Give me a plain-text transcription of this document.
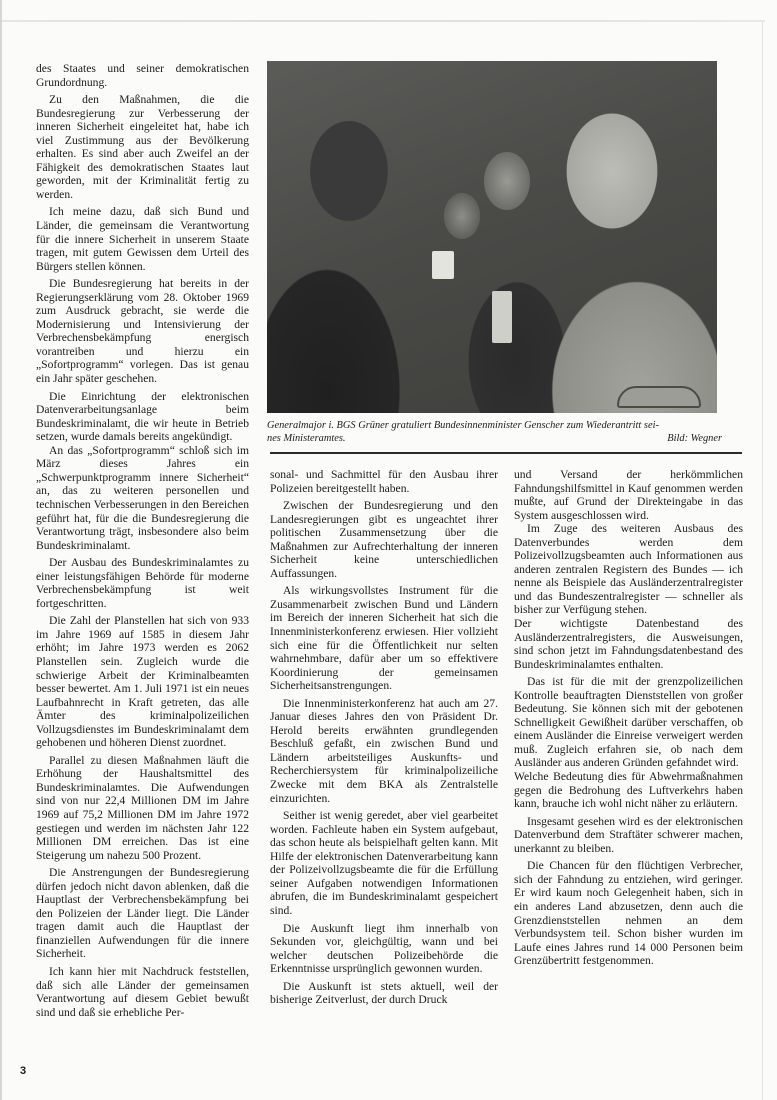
des Staates und seiner demokratischen Grundordnung.

Zu den Maßnahmen, die die Bundesregierung zur Verbesserung der inneren Sicherheit eingeleitet hat, habe ich viel Zustimmung aus der Bevölkerung erhalten. Es sind aber auch Zweifel an der Fähigkeit des demokratischen Staates laut geworden, mit der Kriminalität fertig zu werden.

Ich meine dazu, daß sich Bund und Länder, die gemeinsam die Verantwortung für die innere Sicherheit in unserem Staate tragen, mit gutem Gewissen dem Urteil des Bürgers stellen können.

Die Bundesregierung hat bereits in der Regierungserklärung vom 28. Oktober 1969 zum Ausdruck gebracht, sie werde die Modernisierung und Intensivierung der Verbrechensbekämpfung energisch vorantreiben und hierzu ein „Sofortprogramm“ vorlegen. Das ist genau ein Jahr später geschehen.

Die Einrichtung der elektronischen Datenverarbeitungsanlage beim Bundeskriminalamt, die wir heute in Betrieb setzen, wurde damals bereits angekündigt.

An das „Sofortprogramm“ schloß sich im März dieses Jahres ein „Schwerpunktprogramm innere Sicherheit“ an, das zu weiteren personellen und technischen Verbesserungen in den Bereichen geführt hat, für die die Bundesregierung die Verantwortung trägt, insbesondere also beim Bundeskriminalamt.

Der Ausbau des Bundeskriminalamtes zu einer leistungsfähigen Behörde für moderne Verbrechensbekämpfung ist weit fortgeschritten.

Die Zahl der Planstellen hat sich von 933 im Jahre 1969 auf 1585 in diesem Jahr erhöht; im Jahre 1973 werden es 2062 Planstellen sein. Zugleich wurde die schwierige Arbeit der Kriminalbeamten besser bewertet. Am 1. Juli 1971 ist ein neues Laufbahnrecht in Kraft getreten, das alle Ämter des kriminalpolizeilichen Vollzugsdienstes im Bundeskriminalamt dem gehobenen und höheren Dienst zuordnet.

Parallel zu diesen Maßnahmen läuft die Erhöhung der Haushaltsmittel des Bundeskriminalamtes. Die Aufwendungen sind von nur 22,4 Millionen DM im Jahre 1969 auf 75,2 Millionen DM im Jahre 1972 gestiegen und werden im nächsten Jahr 122 Millionen DM erreichen. Das ist eine Steigerung um nahezu 500 Prozent.

Die Anstrengungen der Bundesregierung dürfen jedoch nicht davon ablenken, daß die Hauptlast der Verbrechensbekämpfung bei den Polizeien der Länder liegt. Die Länder tragen damit auch die Hauptlast der finanziellen Aufwendungen für die innere Sicherheit.

Ich kann hier mit Nachdruck feststellen, daß sich alle Länder der gemeinsamen Verantwortung auf diesem Gebiet bewußt sind und daß sie erhebliche Per-

Generalmajor i. BGS Grüner gratuliert Bundesinnenminister Genscher zum Wiederantritt sei-
nes Ministeramtes.	Bild: Wegner

sonal- und Sachmittel für den Ausbau ihrer Polizeien bereitgestellt haben.

Zwischen der Bundesregierung und den Landesregierungen gibt es ungeachtet ihrer politischen Zusammensetzung über die Maßnahmen zur Aufrechterhaltung der inneren Sicherheit keine unterschiedlichen Auffassungen.

Als wirkungsvollstes Instrument für die Zusammenarbeit zwischen Bund und Ländern im Bereich der inneren Sicherheit hat sich die Innenministerkonferenz erwiesen. Hier vollzieht sich eine für die Öffentlichkeit nur selten wahrnehmbare, dafür aber um so effektivere Koordinierung der gemeinsamen Sicherheitsanstrengungen.

Die Innenministerkonferenz hat auch am 27. Januar dieses Jahres den von Präsident Dr. Herold bereits erwähnten grundlegenden Beschluß gefaßt, ein zwischen Bund und Ländern arbeitsteiliges Auskunfts- und Recherchiersystem für kriminalpolizeiliche Zwecke mit dem BKA als Zentralstelle einzurichten.

Seither ist wenig geredet, aber viel gearbeitet worden. Fachleute haben ein System aufgebaut, das schon heute als beispielhaft gelten kann. Mit Hilfe der elektronischen Datenverarbeitung kann der Polizeivollzugsbeamte die für die Erfüllung seiner Aufgaben notwendigen Informationen abrufen, die im Bundeskriminalamt gespeichert sind.

Die Auskunft liegt ihm innerhalb von Sekunden vor, gleichgültig, wann und bei welcher deutschen Polizeibehörde die Erkenntnisse ursprünglich gewonnen wurden.

Die Auskunft ist stets aktuell, weil der bisherige Zeitverlust, der durch Druck

und Versand der herkömmlichen Fahndungshilfsmittel in Kauf genommen werden mußte, auf Grund der Direkteingabe in das System ausgeschlossen wird.

Im Zuge des weiteren Ausbaus des Datenverbundes werden dem Polizeivollzugsbeamten auch Informationen aus anderen zentralen Registern des Bundes — ich nenne als Beispiele das Ausländerzentralregister und das Bundeszentralregister — schneller als bisher zur Verfügung stehen.

Der wichtigste Datenbestand des Ausländerzentralregisters, die Ausweisungen, sind schon jetzt im Fahndungsdatenbestand des Bundeskriminalamtes enthalten.

Das ist für die mit der grenzpolizeilichen Kontrolle beauftragten Dienststellen von großer Bedeutung. Sie können sich mit der gebotenen Schnelligkeit Gewißheit darüber verschaffen, ob einem Ausländer die Einreise verweigert werden muß. Zugleich erfahren sie, ob nach dem Ausländer aus anderen Gründen gefahndet wird.

Welche Bedeutung dies für Abwehrmaßnahmen gegen die Bedrohung des Luftverkehrs haben kann, brauche ich wohl nicht näher zu erläutern.

Insgesamt gesehen wird es der elektronischen Datenverbund dem Straftäter schwerer machen, unerkannt zu bleiben.

Die Chancen für den flüchtigen Verbrecher, sich der Fahndung zu entziehen, wird geringer. Er wird kaum noch Gelegenheit haben, sich in ein anderes Land abzusetzen, denn auch die Grenzdienststellen nehmen an dem Verbundsystem teil. Schon bisher wurden im Laufe eines Jahres rund 14 000 Personen beim Grenzübertritt festgenommen.

3
